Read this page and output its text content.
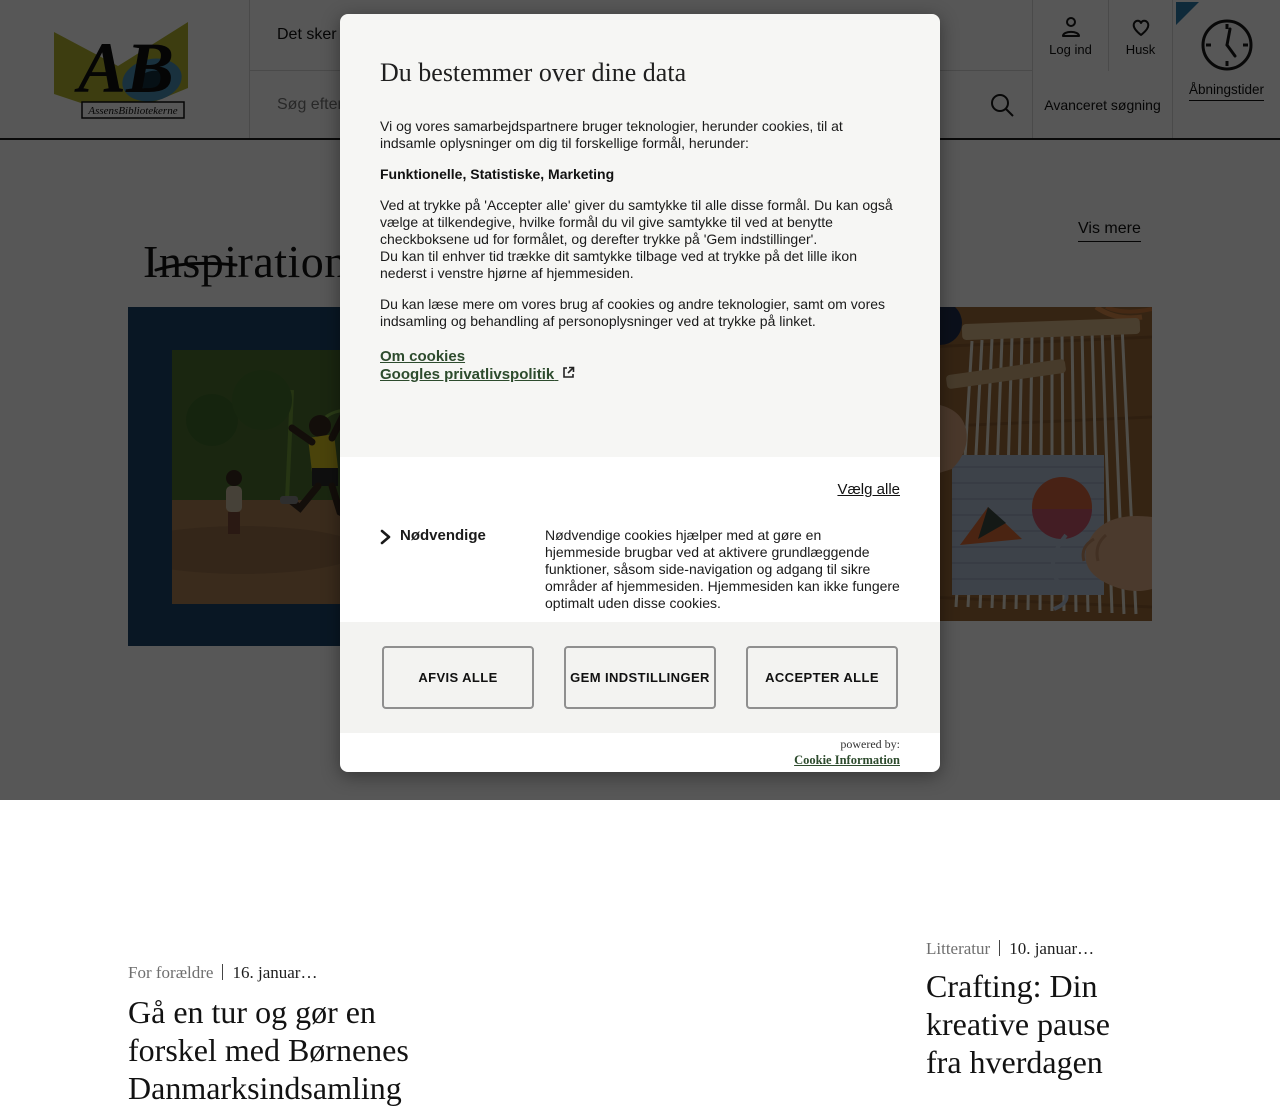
Søg efter...
For forældre 16. januar…
Gå en tur og gør en
forskel med Børnenes
Danmarksindsamling
Litteratur 10. januar…
Crafting: Din
kreative pause
fra hverdagen
Du bestemmer over dine data

Vi og vores samarbejdspartnere bruger teknologier, herunder cookies, til at indsamle oplysninger om dig til forskellige formål, herunder:

Funktionelle, Statistiske, Marketing

Ved at trykke på 'Accepter alle' giver du samtykke til alle disse formål. Du kan også vælge at tilkendegive, hvilke formål du vil give samtykke til ved at benytte checkboksene ud for formålet, og derefter trykke på 'Gem indstillinger'.

Du kan til enhver tid trække dit samtykke tilbage ved at trykke på det lille ikon nederst i venstre hjørne af hjemmesiden.

Du kan læse mere om vores brug af cookies og andre teknologier, samt om vores indsamling og behandling af personoplysninger ved at trykke på linket.

Om cookies
Googles privatlivspolitik
Vælg alle
Nødvendige	Nødvendige cookies hjælper med at gøre en hjemmeside brugbar ved at aktivere grundlæggende funktioner, såsom side-navigation og adgang til sikre områder af hjemmesiden. Hjemmesiden kan ikke fungere optimalt uden disse cookies.
AFVIS ALLE	GEM INDSTILLINGER	ACCEPTER ALLE
powered by:
Cookie Information
